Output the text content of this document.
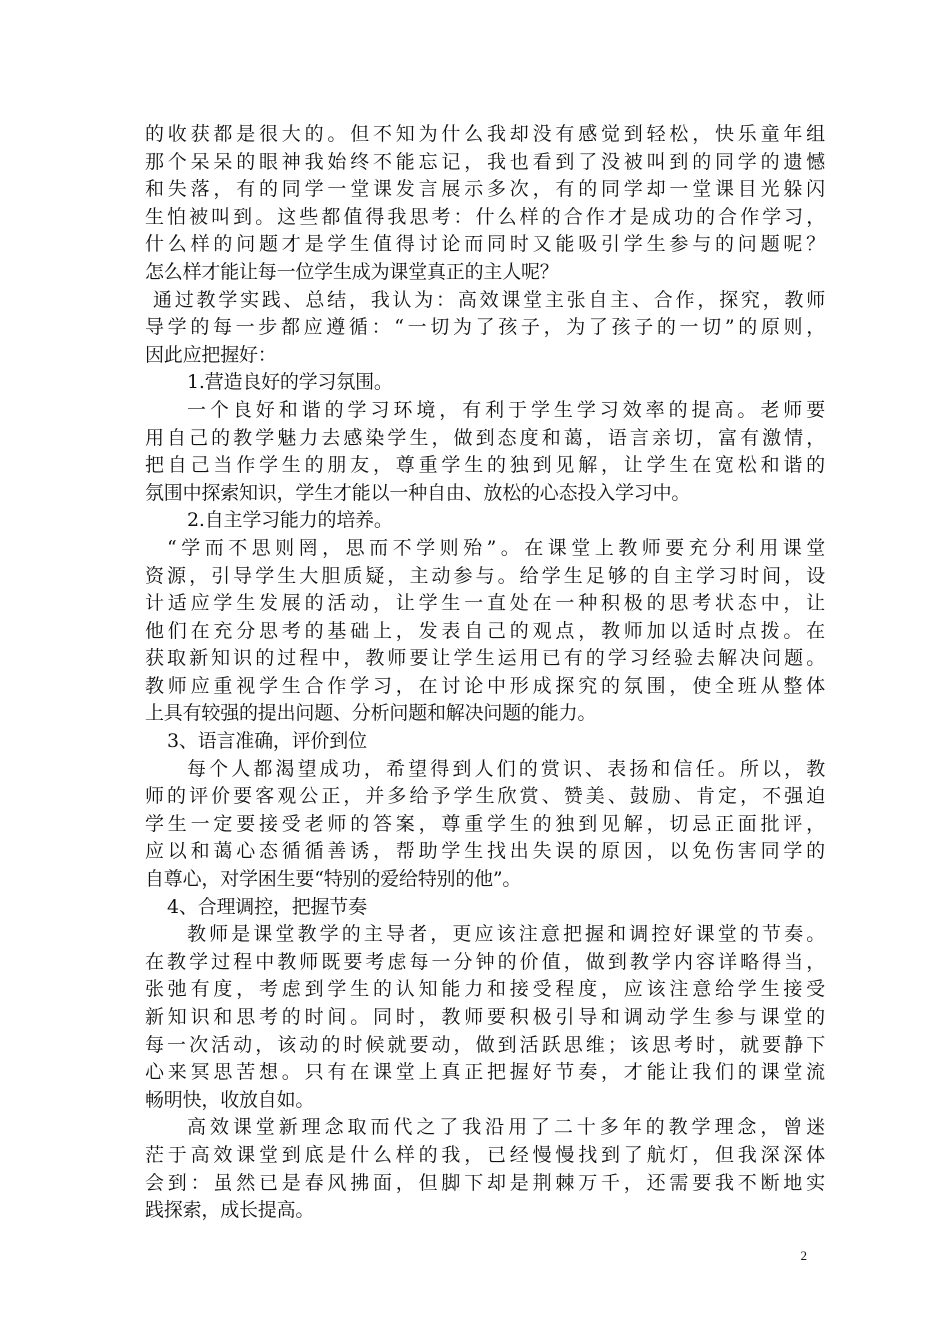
的收获都是很大的。但不知为什么我却没有感觉到轻松，快乐童年组
那个呆呆的眼神我始终不能忘记，我也看到了没被叫到的同学的遗憾
和失落，有的同学一堂课发言展示多次，有的同学却一堂课目光躲闪
生怕被叫到。这些都值得我思考：什么样的合作才是成功的合作学习，
什么样的问题才是学生值得讨论而同时又能吸引学生参与的问题呢？
怎么样才能让每一位学生成为课堂真正的主人呢？
通过教学实践、总结，我认为：高效课堂主张自主、合作，探究，教师
导学的每一步都应遵循：“一切为了孩子，为了孩子的一切”的原则，
因此应把握好：
1.营造良好的学习氛围。
一个良好和谐的学习环境，有利于学生学习效率的提高。老师要
用自己的教学魅力去感染学生，做到态度和蔼，语言亲切，富有激情，
把自己当作学生的朋友，尊重学生的独到见解，让学生在宽松和谐的
氛围中探索知识，学生才能以一种自由、放松的心态投入学习中。
2.自主学习能力的培养。
“学而不思则罔，思而不学则殆”。在课堂上教师要充分利用课堂
资源，引导学生大胆质疑，主动参与。给学生足够的自主学习时间，设
计适应学生发展的活动，让学生一直处在一种积极的思考状态中，让
他们在充分思考的基础上，发表自己的观点，教师加以适时点拨。在
获取新知识的过程中，教师要让学生运用已有的学习经验去解决问题。
教师应重视学生合作学习，在讨论中形成探究的氛围，使全班从整体
上具有较强的提出问题、分析问题和解决问题的能力。
3、语言准确，评价到位
每个人都渴望成功，希望得到人们的赏识、表扬和信任。所以，教
师的评价要客观公正，并多给予学生欣赏、赞美、鼓励、肯定，不强迫
学生一定要接受老师的答案，尊重学生的独到见解，切忌正面批评，
应以和蔼心态循循善诱，帮助学生找出失误的原因，以免伤害同学的
自尊心，对学困生要“特别的爱给特别的他”。
4、合理调控，把握节奏
教师是课堂教学的主导者，更应该注意把握和调控好课堂的节奏。
在教学过程中教师既要考虑每一分钟的价值，做到教学内容详略得当，
张弛有度，考虑到学生的认知能力和接受程度，应该注意给学生接受
新知识和思考的时间。同时，教师要积极引导和调动学生参与课堂的
每一次活动，该动的时候就要动，做到活跃思维；该思考时，就要静下
心来冥思苦想。只有在课堂上真正把握好节奏，才能让我们的课堂流
畅明快，收放自如。
高效课堂新理念取而代之了我沿用了二十多年的教学理念，曾迷
茫于高效课堂到底是什么样的我，已经慢慢找到了航灯，但我深深体
会到：虽然已是春风拂面，但脚下却是荆棘万千，还需要我不断地实
践探索，成长提高。
2
